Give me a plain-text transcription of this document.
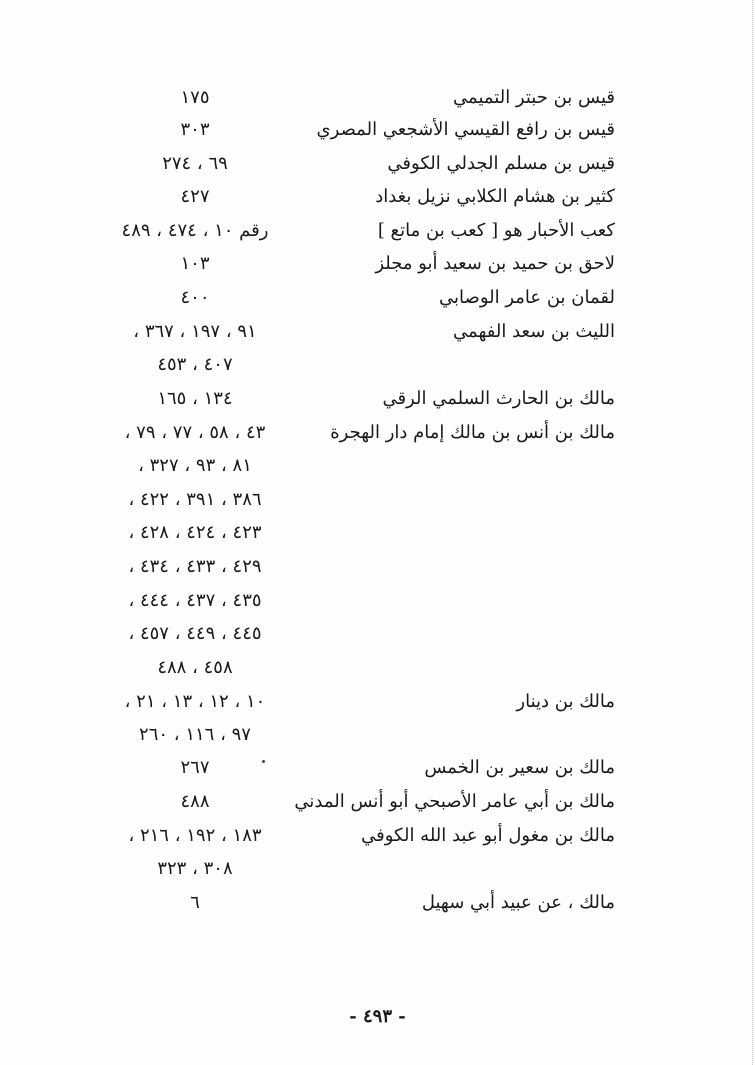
قيس بن حبتر التميمي
١٧٥
قيس بن رافع القيسي الأشجعي المصري
٣٠٣
قيس بن مسلم الجدلي الكوفي
٦٩ ، ٢٧٤
كثير بن هشام الكلابي نزيل بغداد
٤٢٧
كعب الأحبار هو [ كعب بن ماتع ]
رقم ١٠ ، ٤٧٤ ، ٤٨٩
لاحق بن حميد بن سعيد أبو مجلز
١٠٣
لقمان بن عامر الوصابي
٤٠٠
الليث بن سعد الفهمي
٩١ ، ١٩٧ ، ٣٦٧ ،
٤٠٧ ، ٤٥٣
مالك بن الحارث السلمي الرقي
١٣٤ ، ١٦٥
مالك بن أنس بن مالك إمام دار الهجرة
٤٣ ، ٥٨ ، ٧٧ ، ٧٩ ،
٨١ ، ٩٣ ، ٣٢٧ ،
٣٨٦ ، ٣٩١ ، ٤٢٢ ،
٤٢٣ ، ٤٢٤ ، ٤٢٨ ،
٤٢٩ ، ٤٣٣ ، ٤٣٤ ،
٤٣٥ ، ٤٣٧ ، ٤٤٤ ،
٤٤٥ ، ٤٤٩ ، ٤٥٧ ،
٤٥٨ ، ٤٨٨
مالك بن دينار
١٠ ، ١٢ ، ١٣ ، ٢١ ،
٩٧ ، ١١٦ ، ٢٦٠
مالك بن سعير بن الخمس
٢٦٧
مالك بن أبي عامر الأصبحي أبو أنس المدني
٤٨٨
مالك بن مغول أبو عبد الله الكوفي
١٨٣ ، ١٩٢ ، ٢١٦ ،
٣٠٨ ، ٣٢٣
مالك ، عن عبيد أبي سهيل
٦
- ٤٩٣ -
